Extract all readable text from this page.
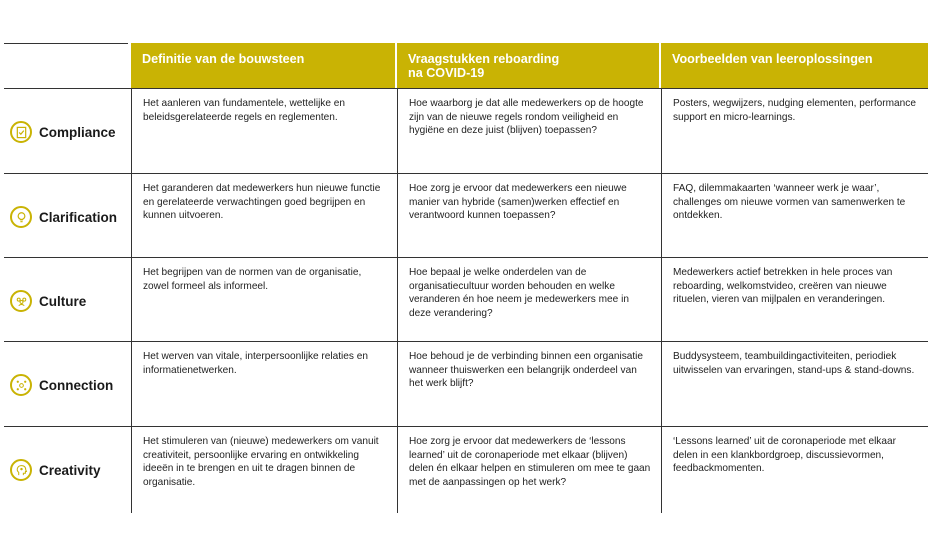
Definitie van de bouwsteen	Vraagstukken reboarding
na COVID-19
Voorbeelden van leeroplossingen
Compliance
Het aanleren van fundamentele, wettelijke en beleidsgerelateerde regels en reglementen.
Hoe waarborg je dat alle medewerkers op de hoogte zijn van de nieuwe regels rondom veiligheid en hygiëne en deze juist (blijven) toepassen?
Posters, wegwijzers, nudging elementen, performance support en micro-learnings.
Clarification
Het garanderen dat medewerkers hun nieuwe functie en gerelateerde verwachtingen goed begrijpen en kunnen uitvoeren.
Hoe zorg je ervoor dat medewerkers een nieuwe manier van hybride (samen)werken effectief en verantwoord kunnen toepassen?
FAQ, dilemmakaarten ‘wanneer werk je waar’, challenges om nieuwe vormen van samenwerken te ontdekken.
Culture
Het begrijpen van de normen van de organisatie, zowel formeel als informeel.
Hoe bepaal je welke onderdelen van de organisatiecultuur worden behouden en welke veranderen én hoe neem je medewerkers mee in deze verandering?
Medewerkers actief betrekken in hele proces van reboarding, welkomstvideo, creëren van nieuwe rituelen, vieren van mijlpalen en veranderingen.
Connection
Het werven van vitale, interpersoonlijke relaties en informatienetwerken.
Hoe behoud je de verbinding binnen een organisatie wanneer thuiswerken een belangrijk onderdeel van het werk blijft?
Buddysysteem, teambuildingactiviteiten, periodiek uitwisselen van ervaringen, stand-ups & stand-downs.
Creativity
Het stimuleren van (nieuwe) medewerkers om vanuit creativiteit, persoonlijke ervaring en ontwikkeling ideeën in te brengen en uit te dragen binnen de organisatie.
Hoe zorg je ervoor dat medewerkers de ‘lessons learned’ uit de coronaperiode met elkaar (blijven) delen én elkaar helpen en stimuleren om mee te gaan met de aanpassingen op het werk?
‘Lessons learned’ uit de coronaperiode met elkaar delen in een klankbordgroep, discussievormen, feedbackmomenten.
